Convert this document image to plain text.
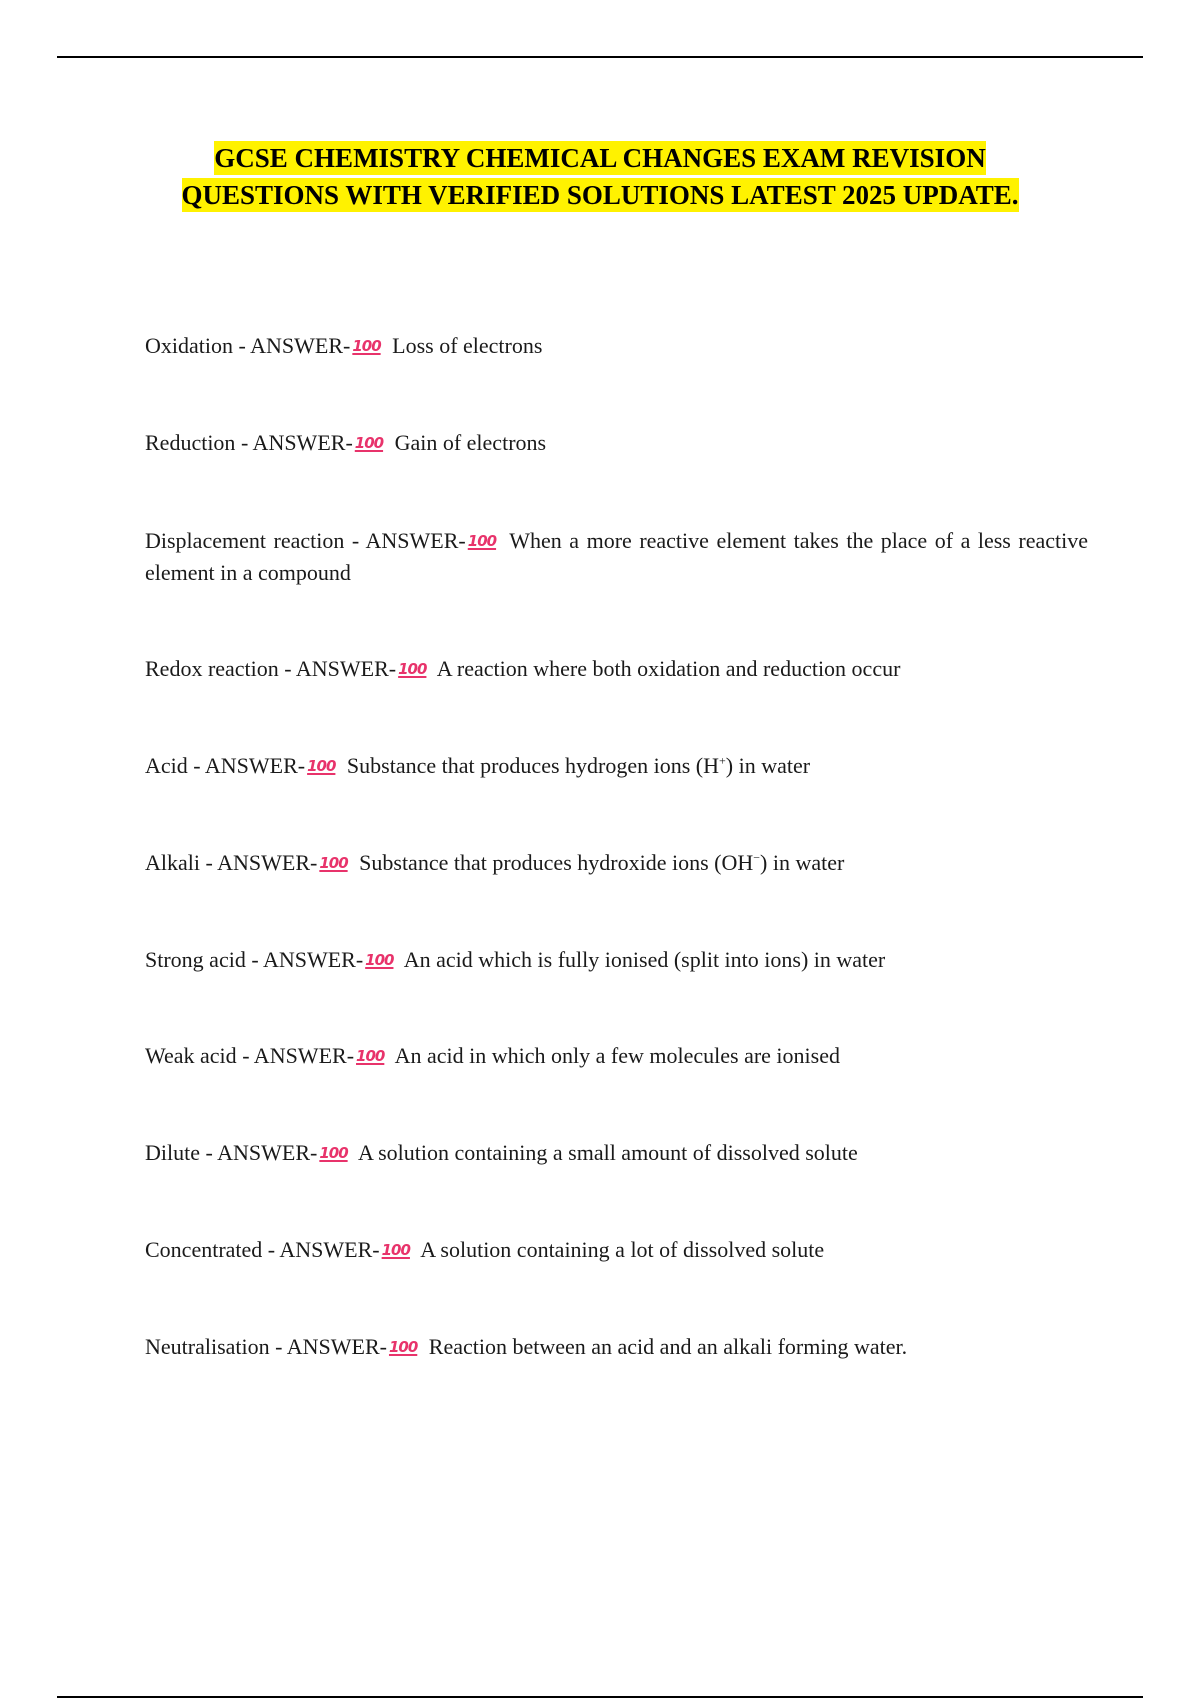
GCSE CHEMISTRY CHEMICAL CHANGES EXAM REVISION
QUESTIONS WITH VERIFIED SOLUTIONS LATEST 2025 UPDATE.
Oxidation - ANSWER- 100 Loss of electrons
Reduction - ANSWER- 100 Gain of electrons
Displacement reaction - ANSWER- 100 When a more reactive element takes the place of a less reactive element in a compound
Redox reaction - ANSWER- 100 A reaction where both oxidation and reduction occur
Acid - ANSWER- 100 Substance that produces hydrogen ions (H+) in water
Alkali - ANSWER- 100 Substance that produces hydroxide ions (OH−) in water
Strong acid - ANSWER- 100 An acid which is fully ionised (split into ions) in water
Weak acid - ANSWER- 100 An acid in which only a few molecules are ionised
Dilute - ANSWER- 100 A solution containing a small amount of dissolved solute
Concentrated - ANSWER- 100 A solution containing a lot of dissolved solute
Neutralisation - ANSWER- 100 Reaction between an acid and an alkali forming water.
